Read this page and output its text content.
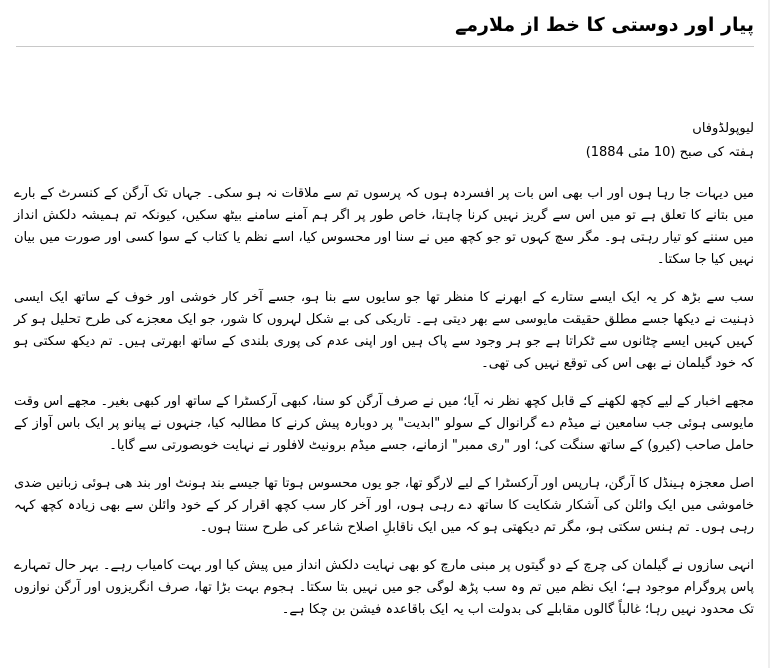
پیار اور دوستی کا خط از ملارمے
لیوپولڈوفاں
ہفتہ کی صبح (10 مئی 1884)

میں دیہات جا رہا ہوں اور اب بھی اس بات پر افسردہ ہوں کہ پرسوں تم سے ملاقات نہ ہو سکی۔ جہاں تک آرگن کے کنسرٹ کے بارے میں بتانے کا تعلق ہے تو میں اس سے گریز نہیں کرنا چاہتا، خاص طور پر اگر ہم آمنے سامنے بیٹھ سکیں، کیونکہ تم ہمیشہ دلکش انداز میں سننے کو تیار رہتی ہو۔ مگر سچ کہوں تو جو کچھ میں نے سنا اور محسوس کیا، اسے نظم یا کتاب کے سوا کسی اور صورت میں بیان نہیں کیا جا سکتا۔

سب سے بڑھ کر یہ ایک ایسے ستارے کے ابھرنے کا منظر تھا جو سایوں سے بنا ہو، جسے آخر کار خوشی اور خوف کے ساتھ ایک ایسی ذہنیت نے دیکھا جسے مطلق حقیقت مایوسی سے بھر دیتی ہے۔ تاریکی کی بے شکل لہروں کا شور، جو ایک معجزے کی طرح تحلیل ہو کر کہیں کہیں ایسے چٹانوں سے ٹکراتا ہے جو ہر وجود سے پاک ہیں اور اپنی عدم کی پوری بلندی کے ساتھ ابھرتی ہیں۔ تم دیکھ سکتی ہو کہ خود گیلمان نے بھی اس کی توقع نہیں کی تھی۔

مجھے اخبار کے لیے کچھ لکھنے کے قابل کچھ نظر نہ آیا؛ میں نے صرف آرگن کو سنا، کبھی آرکسٹرا کے ساتھ اور کبھی بغیر۔ مجھے اس وقت مایوسی ہوئی جب سامعین نے میڈم دے گرانوال کے سولو "ابدیت" پر دوبارہ پیش کرنے کا مطالبہ کیا، جنہوں نے پیانو پر ایک باس آواز کے حامل صاحب (کیرو) کے ساتھ سنگت کی؛ اور "ری ممبر" ازمانے، جسے میڈم برونیٹ لافلور نے نہایت خوبصورتی سے گایا۔

اصل معجزہ ہینڈل کا آرگن، ہارپس اور آرکسٹرا کے لیے لارگو تھا، جو یوں محسوس ہوتا تھا جیسے بند ہونٹ اور بند ھی ہوئی زبانیں ضدی خاموشی میں ایک وائلن کی آشکار شکایت کا ساتھ دے رہی ہوں، اور آخر کار سب کچھ اقرار کر کے خود وائلن سے بھی زیادہ کچھ کہہ رہی ہوں۔ تم ہنس سکتی ہو، مگر تم دیکھتی ہو کہ میں ایک ناقابلِ اصلاح شاعر کی طرح سنتا ہوں۔

انہی سازوں نے گیلمان کی چرچ کے دو گیتوں پر مبنی مارچ کو بھی نہایت دلکش انداز میں پیش کیا اور بہت کامیاب رہے۔ بہر حال تمہارے پاس پروگرام موجود ہے؛ ایک نظم میں تم وہ سب پڑھ لوگی جو میں نہیں بتا سکتا۔ ہجوم بہت بڑا تھا، صرف انگریزوں اور آرگن نوازوں تک محدود نہیں رہا؛ غالباً گالوں مقابلے کی بدولت اب یہ ایک باقاعدہ فیشن بن چکا ہے۔
